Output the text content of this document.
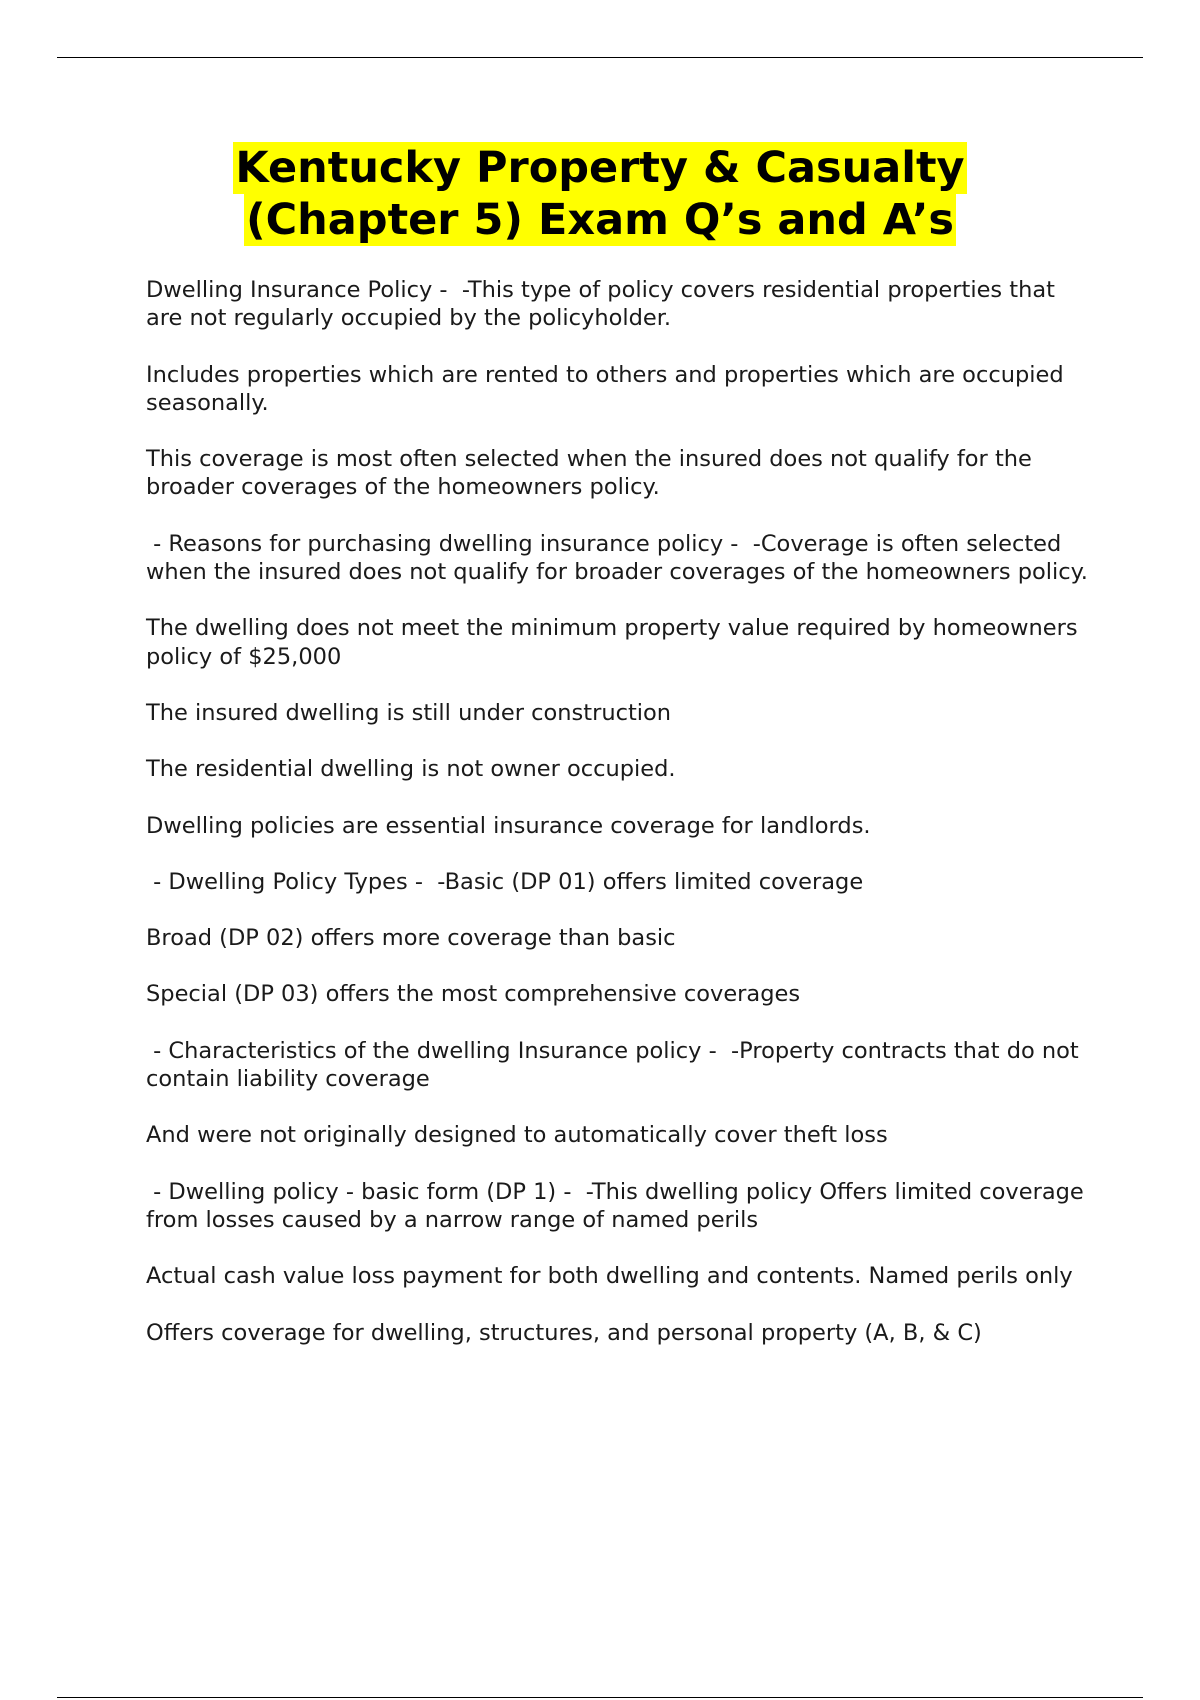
Kentucky Property & Casualty
(Chapter 5) Exam Q’s and A’s

Dwelling Insurance Policy -  -This type of policy covers residential properties that are not regularly occupied by the policyholder.

Includes properties which are rented to others and properties which are occupied seasonally.

This coverage is most often selected when the insured does not qualify for the broader coverages of the homeowners policy.

- Reasons for purchasing dwelling insurance policy -  -Coverage is often selected when the insured does not qualify for broader coverages of the homeowners policy.

The dwelling does not meet the minimum property value required by homeowners policy of $25,000

The insured dwelling is still under construction

The residential dwelling is not owner occupied.

Dwelling policies are essential insurance coverage for landlords.

- Dwelling Policy Types -  -Basic (DP 01) offers limited coverage

Broad (DP 02) offers more coverage than basic

Special (DP 03) offers the most comprehensive coverages

- Characteristics of the dwelling Insurance policy -  -Property contracts that do not contain liability coverage

And were not originally designed to automatically cover theft loss

- Dwelling policy - basic form (DP 1) -  -This dwelling policy Offers limited coverage from losses caused by a narrow range of named perils

Actual cash value loss payment for both dwelling and contents. Named perils only

Offers coverage for dwelling, structures, and personal property (A, B, & C)
